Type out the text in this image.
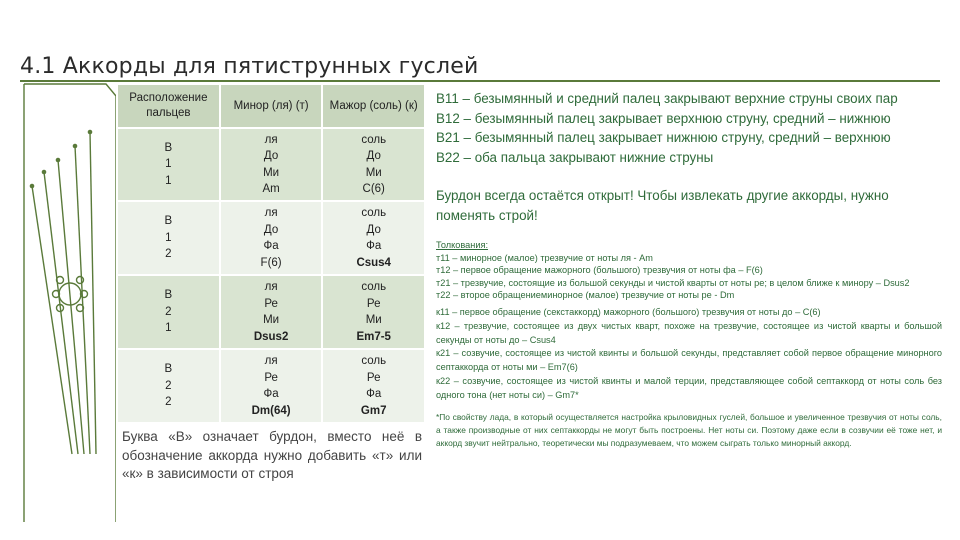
4.1 Аккорды для пятиструнных гуслей
Расположение пальцев	Минор (ля) (т)	Мажор (соль) (к)

В
1
1	ля
До
Ми
Am	соль
До
Ми
C(6)

В
1
2	ля
До
Фа
F(6)	соль
До
Фа
Csus4

В
2
1	ля
Ре
Ми
Dsus2	соль
Ре
Ми
Em7-5

В
2
2	ля
Ре
Фа
Dm(64)	соль
Ре
Фа
Gm7
Буква «В» означает бурдон, вместо неё в обозначение аккорда нужно добавить «т» или «к» в зависимости от строя
В11 – безымянный и средний палец закрывают верхние струны своих пар
В12 – безымянный палец закрывает верхнюю струну, средний – нижнюю
В21 – безымянный палец закрывает нижнюю струну, средний – верхнюю
В22 – оба пальца закрывают нижние струны
Бурдон всегда остаётся открыт! Чтобы извлекать другие аккорды, нужно поменять строй!
Толкования:
т11 – минорное (малое) трезвучие от ноты ля - Am
т12 – первое обращение мажорного (большого) трезвучия от ноты фа – F(6)
т21 – трезвучие, состоящие из большой секунды и чистой кварты от ноты ре; в целом ближе к минору – Dsus2
т22 – второе обращениеминорное (малое) трезвучие от ноты ре - Dm
к11 – первое обращение (секстаккорд) мажорного (большого) трезвучия от ноты до – C(6)
к12 – трезвучие, состоящее из двух чистых кварт, похоже на трезвучие, состоящее из чистой кварты и большой секунды от ноты до – Csus4
к21 – созвучие, состоящее из чистой квинты и большой секунды, представляет собой первое обращение минорного септаккорда от ноты ми – Em7(6)
к22 – созвучие, состоящее из чистой квинты и малой терции, представляющее собой септаккорд от ноты соль без одного тона (нет ноты си) – Gm7*
*По свойству лада, в который осуществляется настройка крыловидных гуслей, большое и увеличенное трезвучия от ноты соль, а также производные от них септаккорды не могут быть построены. Нет ноты си. Поэтому даже если в созвучии её тоже нет, и аккорд звучит нейтрально, теоретически мы подразумеваем, что можем сыграть только минорный аккорд.
